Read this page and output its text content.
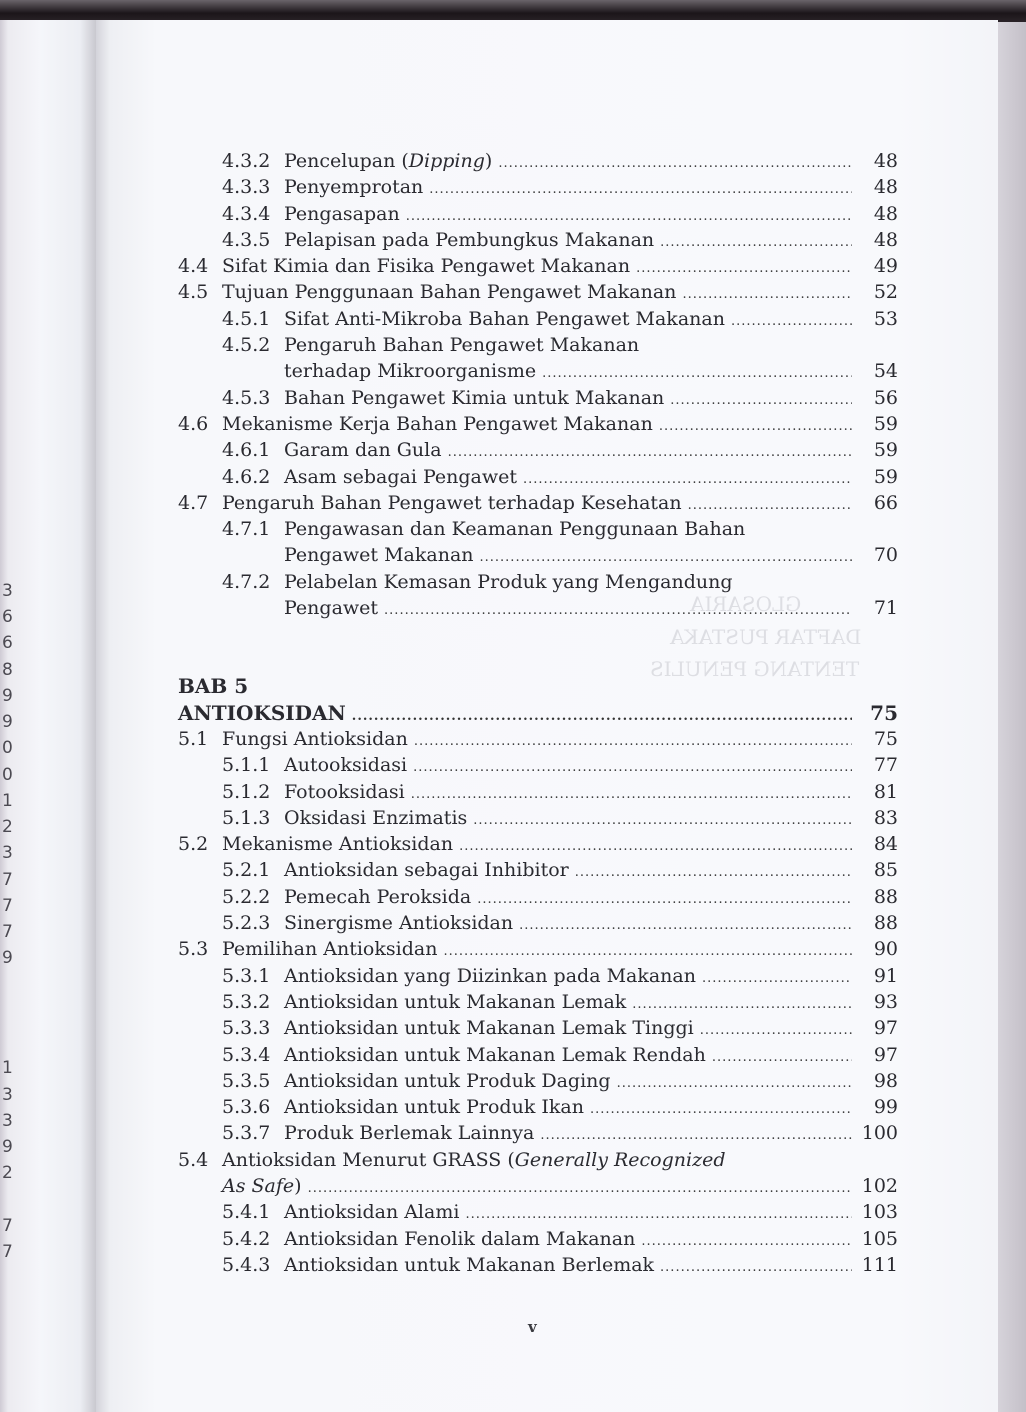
3
6
6
8
9
9
0
0
1
2
3
7
7
7
9
1
3
3
9
2
7
7
GLOSARIA
DAFTAR PUSTAKA
TENTANG PENULIS
4.3.2 Pencelupan (Dipping) .....	48
4.3.3 Penyemprotan .....	48
4.3.4 Pengasapan .....	48
4.3.5 Pelapisan pada Pembungkus Makanan .....	48
4.4 Sifat Kimia dan Fisika Pengawet Makanan .....	49
4.5 Tujuan Penggunaan Bahan Pengawet Makanan .....	52
4.5.1 Sifat Anti-Mikroba Bahan Pengawet Makanan .....	53
4.5.2 Pengaruh Bahan Pengawet Makanan
terhadap Mikroorganisme .....	54
4.5.3 Bahan Pengawet Kimia untuk Makanan .....	56
4.6 Mekanisme Kerja Bahan Pengawet Makanan .....	59
4.6.1 Garam dan Gula .....	59
4.6.2 Asam sebagai Pengawet .....	59
4.7 Pengaruh Bahan Pengawet terhadap Kesehatan .....	66
4.7.1 Pengawasan dan Keamanan Penggunaan Bahan
Pengawet Makanan .....	70
4.7.2 Pelabelan Kemasan Produk yang Mengandung
Pengawet .....	71
BAB 5
ANTIOKSIDAN .....	75
5.1 Fungsi Antioksidan .....	75
5.1.1 Autooksidasi .....	77
5.1.2 Fotooksidasi .....	81
5.1.3 Oksidasi Enzimatis .....	83
5.2 Mekanisme Antioksidan .....	84
5.2.1 Antioksidan sebagai Inhibitor .....	85
5.2.2 Pemecah Peroksida .....	88
5.2.3 Sinergisme Antioksidan .....	88
5.3 Pemilihan Antioksidan .....	90
5.3.1 Antioksidan yang Diizinkan pada Makanan .....	91
5.3.2 Antioksidan untuk Makanan Lemak .....	93
5.3.3 Antioksidan untuk Makanan Lemak Tinggi .....	97
5.3.4 Antioksidan untuk Makanan Lemak Rendah .....	97
5.3.5 Antioksidan untuk Produk Daging .....	98
5.3.6 Antioksidan untuk Produk Ikan .....	99
5.3.7 Produk Berlemak Lainnya .....	100
5.4 Antioksidan Menurut GRASS (Generally Recognized
As Safe) .....	102
5.4.1 Antioksidan Alami .....	103
5.4.2 Antioksidan Fenolik dalam Makanan .....	105
5.4.3 Antioksidan untuk Makanan Berlemak .....	111
v
